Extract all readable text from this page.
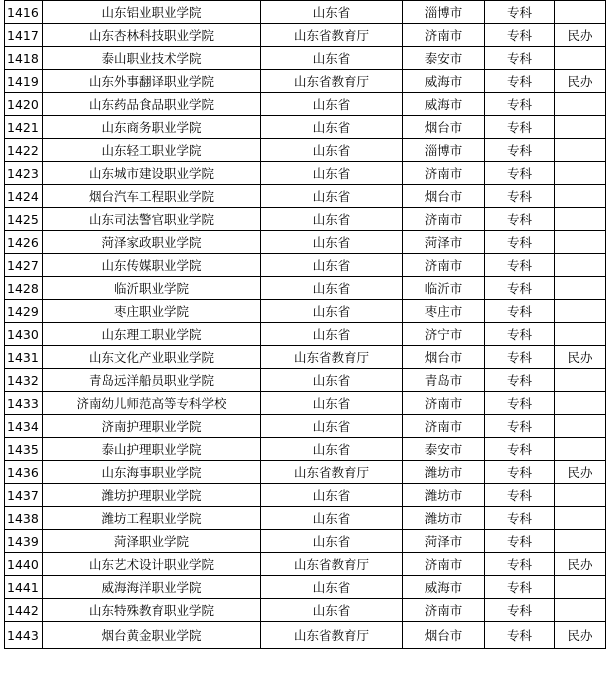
1416	山东铝业职业学院	山东省	淄博市	专科	
1417	山东杏林科技职业学院	山东省教育厅	济南市	专科	民办
1418	泰山职业技术学院	山东省	泰安市	专科	
1419	山东外事翻译职业学院	山东省教育厅	威海市	专科	民办
1420	山东药品食品职业学院	山东省	威海市	专科	
1421	山东商务职业学院	山东省	烟台市	专科	
1422	山东轻工职业学院	山东省	淄博市	专科	
1423	山东城市建设职业学院	山东省	济南市	专科	
1424	烟台汽车工程职业学院	山东省	烟台市	专科	
1425	山东司法警官职业学院	山东省	济南市	专科	
1426	菏泽家政职业学院	山东省	菏泽市	专科	
1427	山东传媒职业学院	山东省	济南市	专科	
1428	临沂职业学院	山东省	临沂市	专科	
1429	枣庄职业学院	山东省	枣庄市	专科	
1430	山东理工职业学院	山东省	济宁市	专科	
1431	山东文化产业职业学院	山东省教育厅	烟台市	专科	民办
1432	青岛远洋船员职业学院	山东省	青岛市	专科	
1433	济南幼儿师范高等专科学校	山东省	济南市	专科	
1434	济南护理职业学院	山东省	济南市	专科	
1435	泰山护理职业学院	山东省	泰安市	专科	
1436	山东海事职业学院	山东省教育厅	潍坊市	专科	民办
1437	潍坊护理职业学院	山东省	潍坊市	专科	
1438	潍坊工程职业学院	山东省	潍坊市	专科	
1439	菏泽职业学院	山东省	菏泽市	专科	
1440	山东艺术设计职业学院	山东省教育厅	济南市	专科	民办
1441	威海海洋职业学院	山东省	威海市	专科	
1442	山东特殊教育职业学院	山东省	济南市	专科	
1443	烟台黄金职业学院	山东省教育厅	烟台市	专科	民办
